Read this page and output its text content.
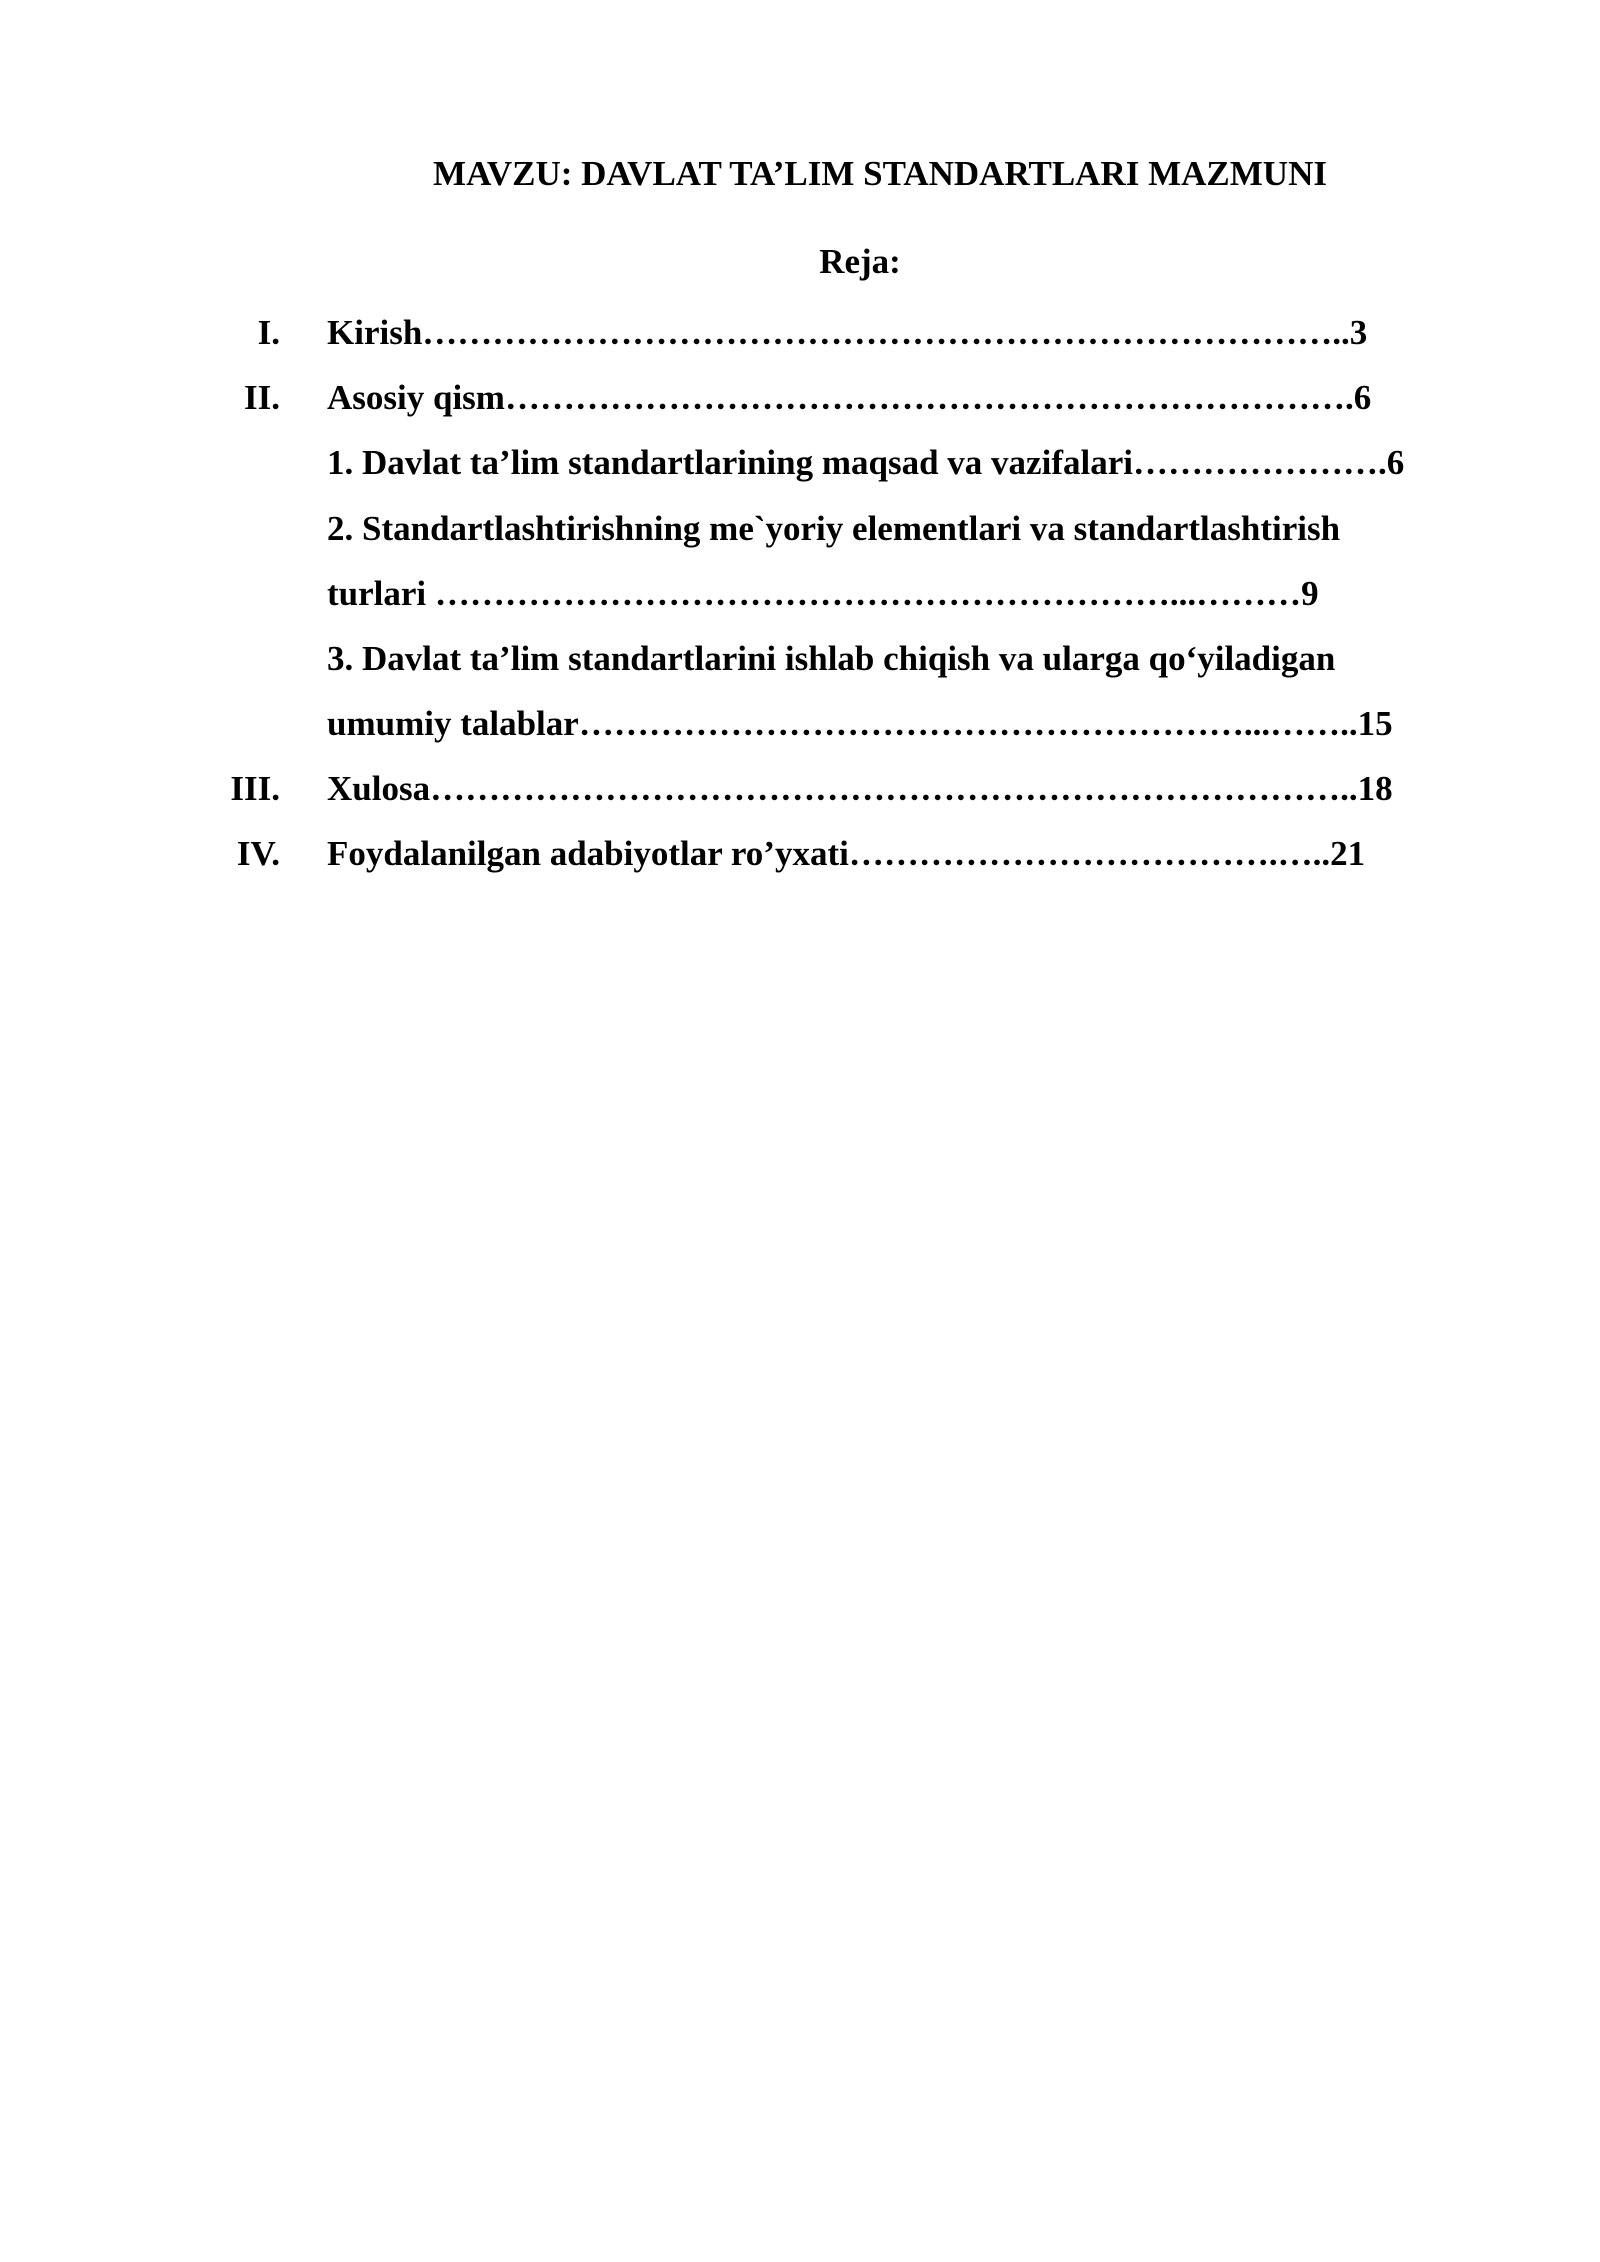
MAVZU: DAVLAT TA’LIM STANDARTLARI MAZMUNI
Reja:
I. Kirish……………………………………………………………………..3
II. Asosiy qism……………………………………………………………….6
1. Davlat ta’lim standartlarining maqsad va vazifalari………………….6
2. Standartlashtirishning me`yoriy elementlari va standartlashtirish
turlari ………………………………………………………...………9
3. Davlat ta’lim standartlarini ishlab chiqish va ularga qo‘yiladigan
umumiy talablar…………………………………………………...……..15
III. Xulosa……………………………………………………………………..18
IV. Foydalanilgan adabiyotlar ro’yxati……………………………….…..21
